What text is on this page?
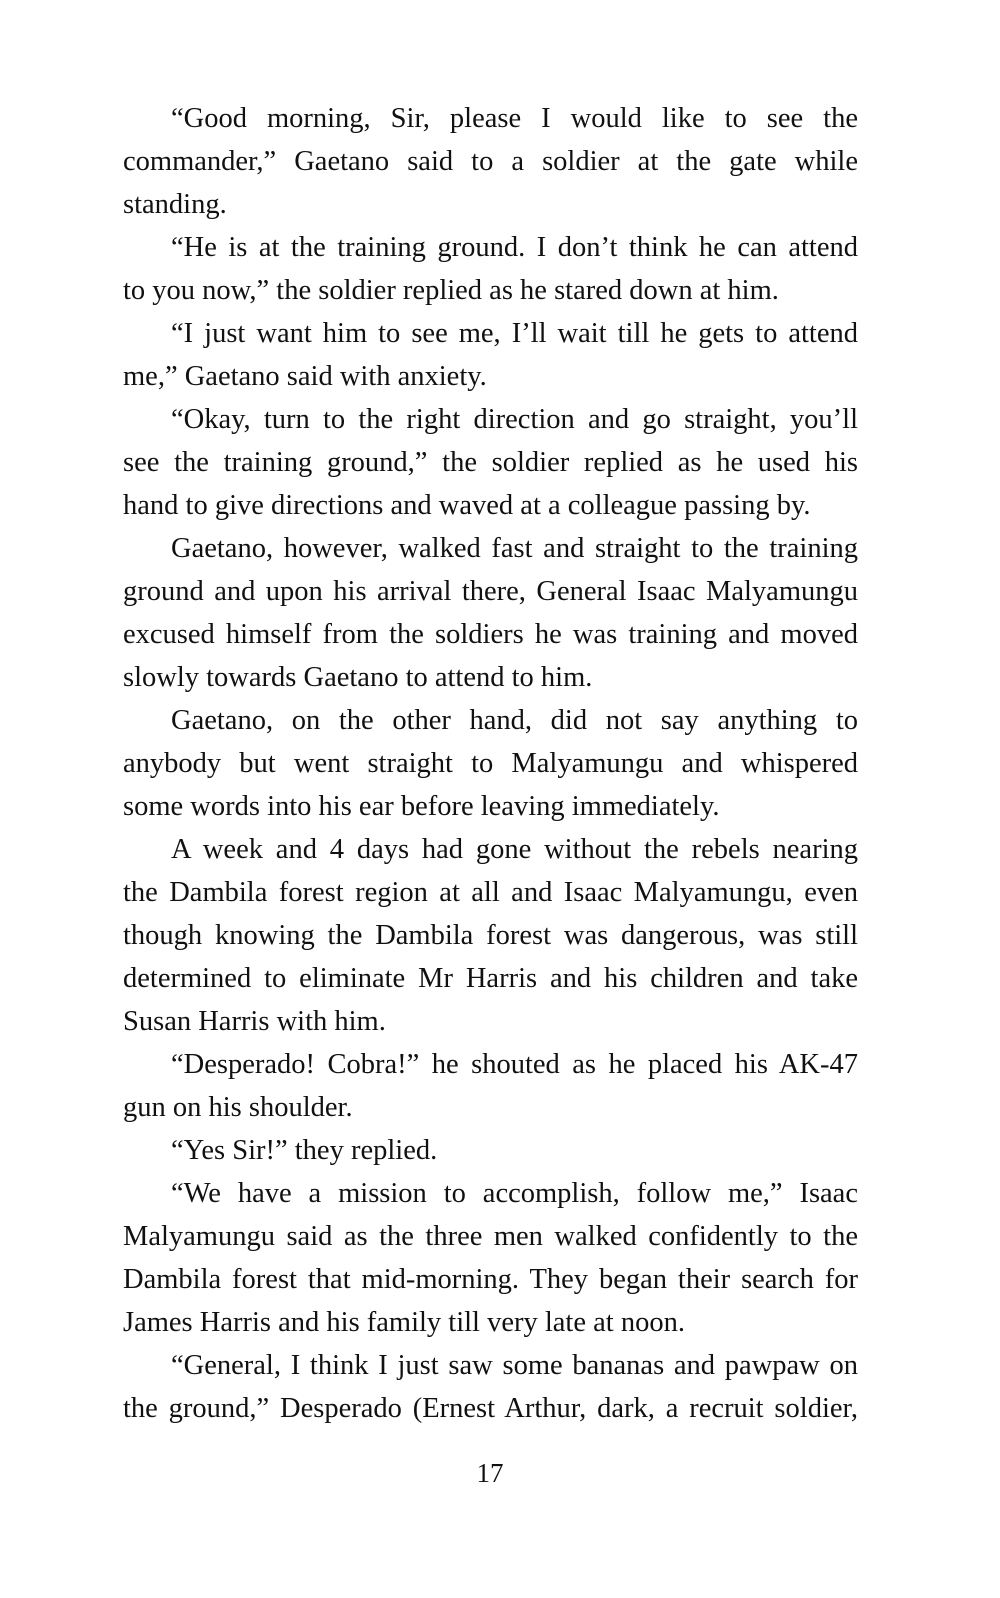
“Good morning, Sir, please I would like to see the
commander,” Gaetano said to a soldier at the gate while
standing.
“He is at the training ground. I don’t think he can attend
to you now,” the soldier replied as he stared down at him.
“I just want him to see me, I’ll wait till he gets to attend
me,” Gaetano said with anxiety.
“Okay, turn to the right direction and go straight, you’ll
see the training ground,” the soldier replied as he used his
hand to give directions and waved at a colleague passing by.
Gaetano, however, walked fast and straight to the training
ground and upon his arrival there, General Isaac Malyamungu
excused himself from the soldiers he was training and moved
slowly towards Gaetano to attend to him.
Gaetano, on the other hand, did not say anything to
anybody but went straight to Malyamungu and whispered
some words into his ear before leaving immediately.
A week and 4 days had gone without the rebels nearing
the Dambila forest region at all and Isaac Malyamungu, even
though knowing the Dambila forest was dangerous, was still
determined to eliminate Mr Harris and his children and take
Susan Harris with him.
“Desperado! Cobra!” he shouted as he placed his AK-47
gun on his shoulder.
“Yes Sir!” they replied.
“We have a mission to accomplish, follow me,” Isaac
Malyamungu said as the three men walked confidently to the
Dambila forest that mid-morning. They began their search for
James Harris and his family till very late at noon.
“General, I think I just saw some bananas and pawpaw on
the ground,” Desperado (Ernest Arthur, dark, a recruit soldier,
17
